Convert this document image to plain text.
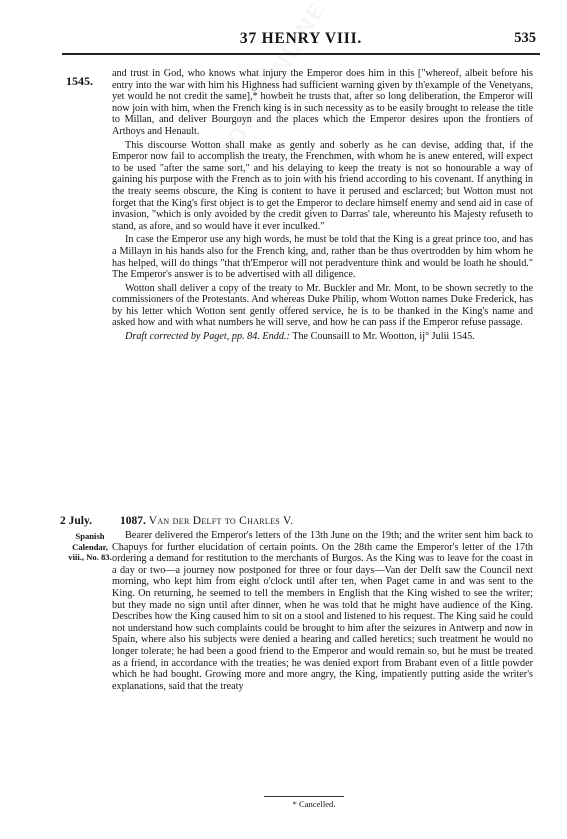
37 HENRY VIII.	535
1545.

and trust in God, who knows what injury the Emperor does him in this ["whereof, albeit before his entry into the war with him his Highness had sufficient warning given by th'example of the Venetyans, yet would he not credit the same],* howbeit he trusts that, after so long deliberation, the Emperor will now join with him, when the French king is in such necessity as to be easily brought to release the title to Millan, and deliver Bourgoyn and the places which the Emperor desires upon the frontiers of Arthoys and Henault.

This discourse Wotton shall make as gently and soberly as he can devise, adding that, if the Emperor now fail to accomplish the treaty, the Frenchmen, with whom he is anew entered, will expect to be used "after the same sort," and his delaying to keep the treaty is not so honourable a way of gaining his purpose with the French as to join with his friend according to his covenant. If anything in the treaty seems obscure, the King is content to have it perused and esclarced; but Wotton must not forget that the King's first object is to get the Emperor to declare himself enemy and send aid in case of invasion, "which is only avoided by the credit given to Darras' tale, whereunto his Majesty refuseth to stand, as afore, and so would have it ever inculked."

In case the Emperor use any high words, he must be told that the King is a great prince too, and has a Millayn in his hands also for the French king, and, rather than be thus overtrodden by him whom he has helped, will do things "that th'Emperor will not peradventure think and would be loath he should." The Emperor's answer is to be advertised with all diligence.

Wotton shall deliver a copy of the treaty to Mr. Buckler and Mr. Mont, to be shown secretly to the commissioners of the Protestants. And whereas Duke Philip, whom Wotton names Duke Frederick, has by his letter which Wotton sent gently offered service, he is to be thanked in the King's name and asked how and with what numbers he will serve, and how he can pass if the Emperor refuse passage.

Draft corrected by Paget, pp. 84. Endd.: The Counsaill to Mr. Wootton, ij° Julii 1545.

2 July.
Spanish
Calendar,
viii., No. 83.
1087. Van der Delft to Charles V.

Bearer delivered the Emperor's letters of the 13th June on the 19th; and the writer sent him back to Chapuys for further elucidation of certain points. On the 28th came the Emperor's letter of the 17th ordering a demand for restitution to the merchants of Burgos. As the King was to leave for the coast in a day or two—a journey now postponed for three or four days—Van der Delft saw the Council next morning, who kept him from eight o'clock until after ten, when Paget came in and was sent to the King. On returning, he seemed to tell the members in English that the King wished to see the writer; but they made no sign until after dinner, when he was told that he might have audience of the King. Describes how the King caused him to sit on a stool and listened to his request. The King said he could not understand how such complaints could be brought to him after the seizures in Antwerp and now in Spain, where also his subjects were denied a hearing and called heretics; such treatment he would no longer tolerate; he had been a good friend to the Emperor and would remain so, but he must be treated as a friend, in accordance with the treaties; he was denied export from Brabant even of a little powder which he had bought. Growing more and more angry, the King, impatiently putting aside the writer's explanations, said that the treaty

* Cancelled.
